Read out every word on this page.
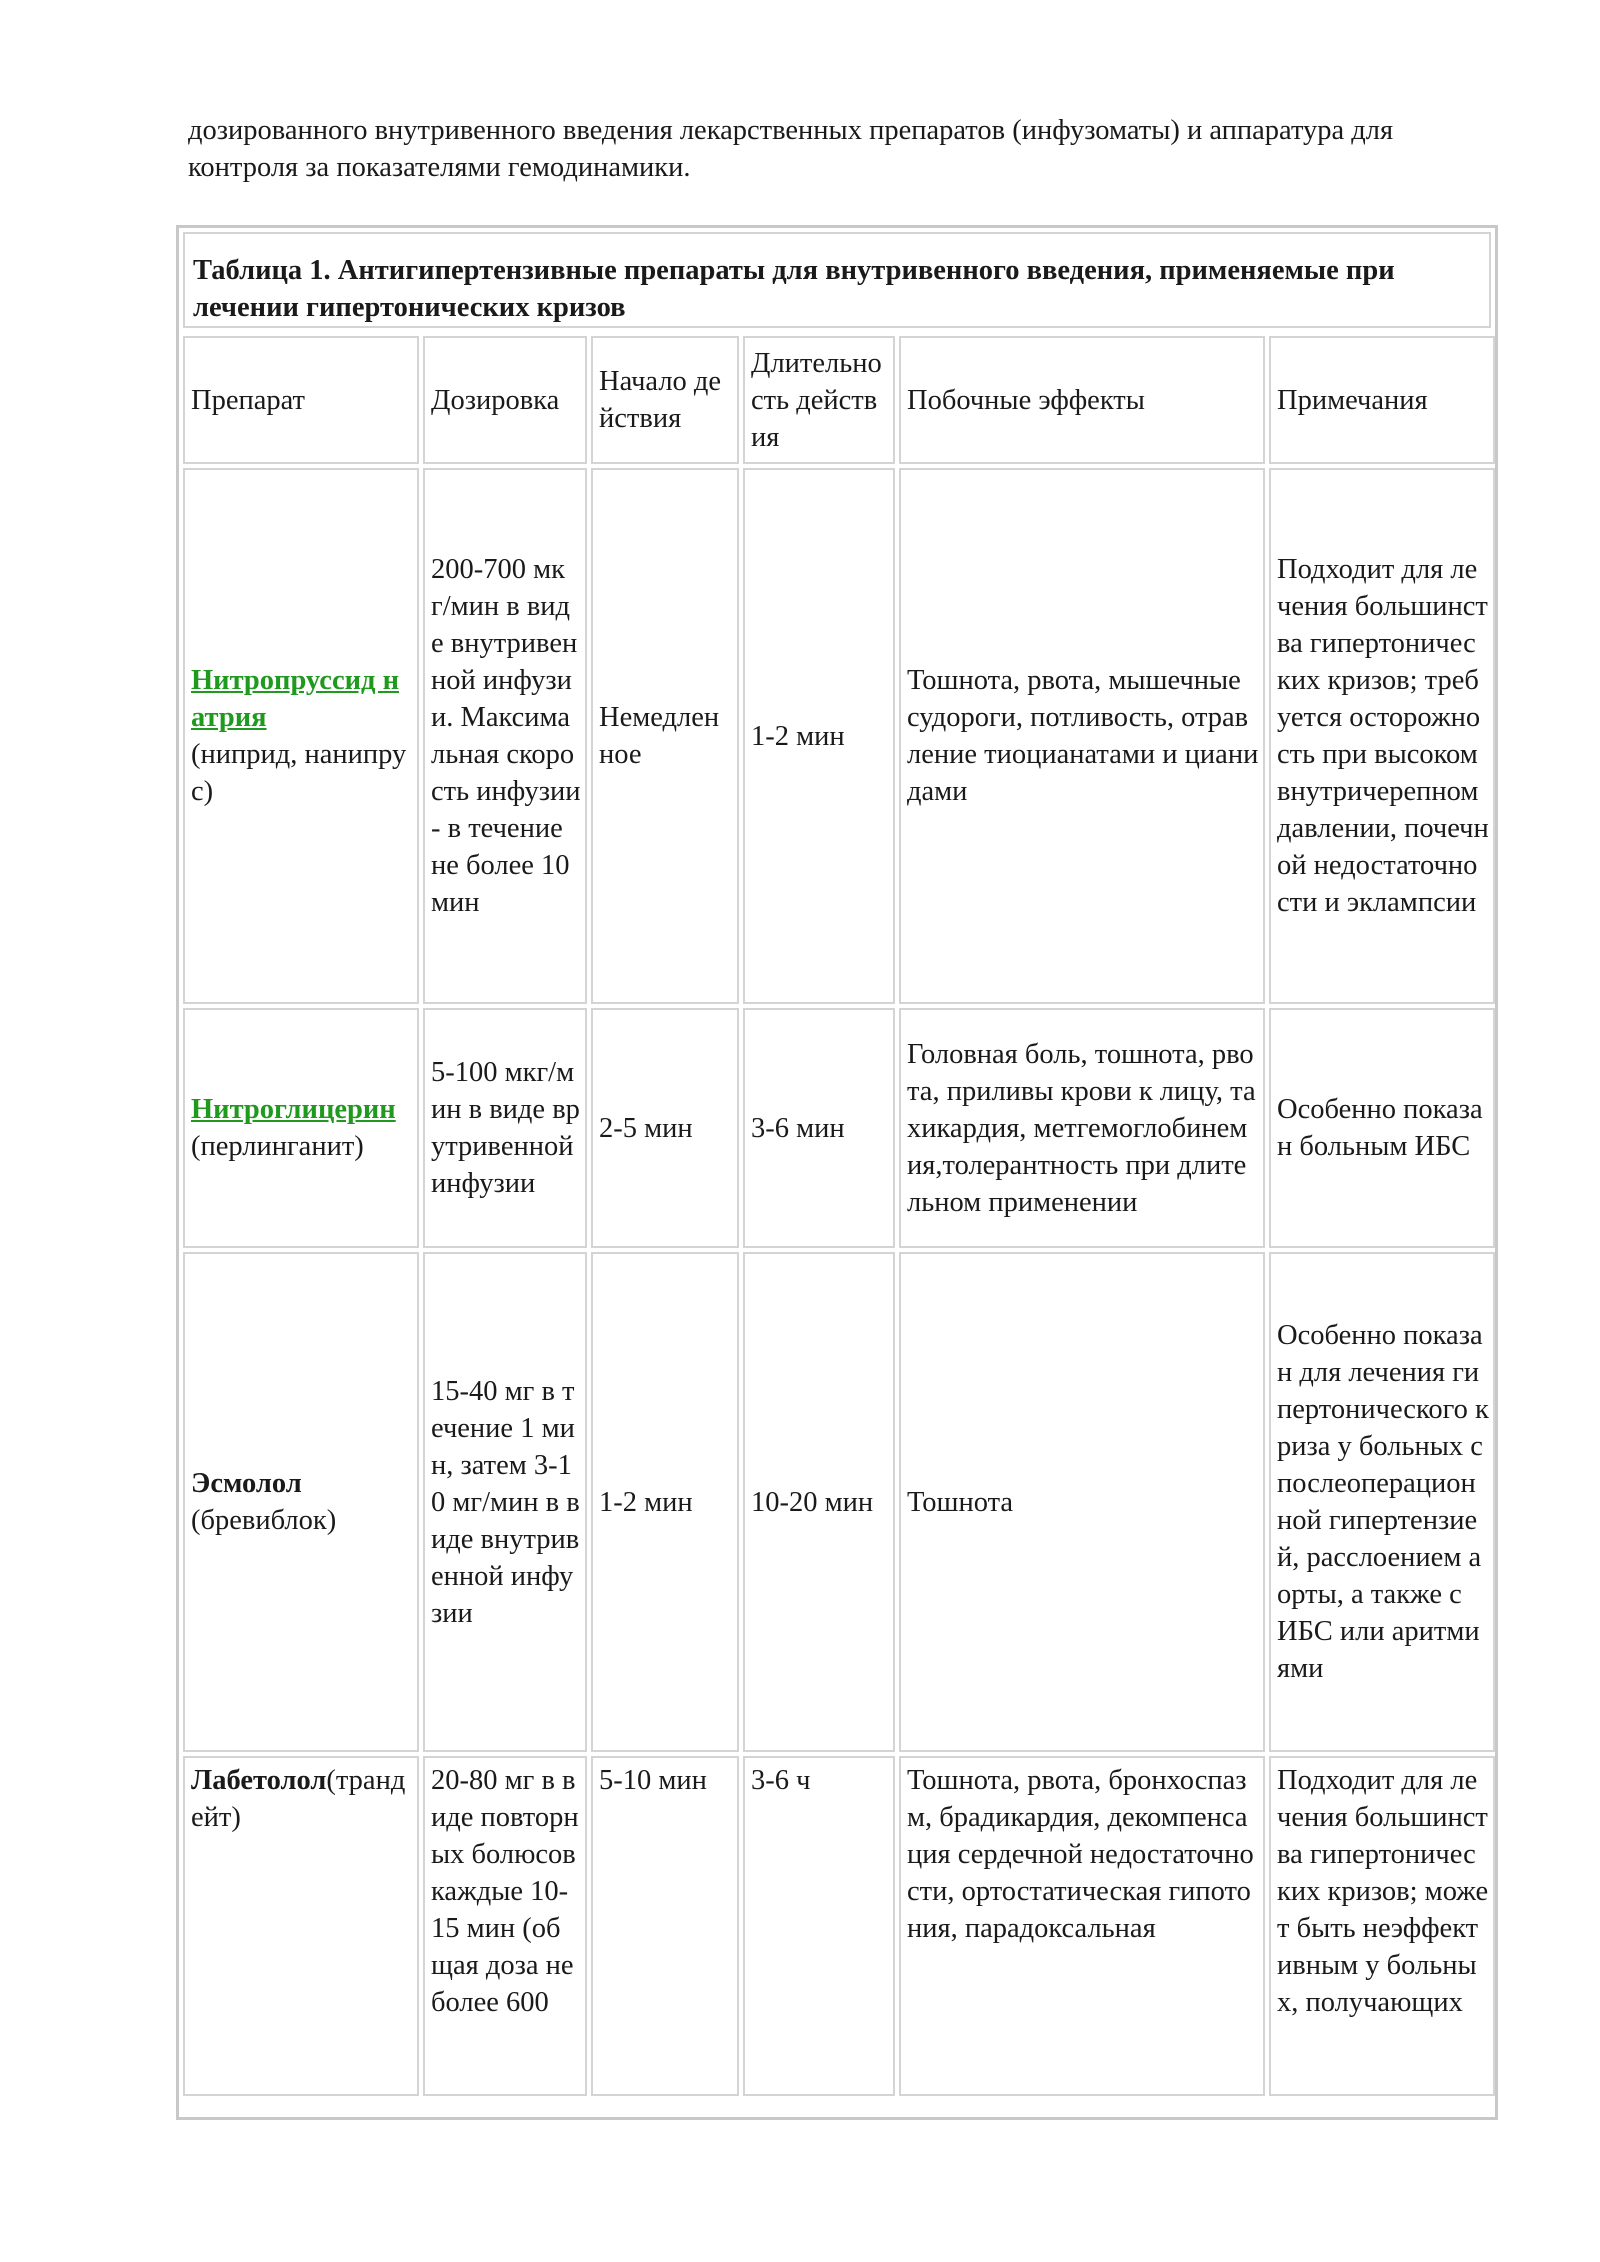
дозированного внутривенного введения лекарственных препаратов (инфузоматы) и аппаратура для контроля за показателями гемодинамики.
Таблица 1. Антигипертензивные препараты для внутривенного введения, применяемые при лечении гипертонических кризов
Препарат	Дозировка	Начало действия	Длительность действия	Побочные эффекты	Примечания
Нитропруссид натрия
(ниприд, нанипрус)	200-700 мкг/мин в виде внутривенной инфузии. Максимальная скорость инфузии - в течение не более 10 мин	Немедленное	1-2 мин	Тошнота, рвота, мышечные судороги, потливость, отравление тиоцианатами и цианидами	Подходит для лечения большинства гипертонических кризов; требуется осторожность при высоком внутричерепном давлении, почечной недостаточности и эклампсии
Нитроглицерин (перлинганит)	5-100 мкг/мин в виде врутривенной инфузии	2-5 мин	3-6 мин	Головная боль, тошнота, рвота, приливы крови к лицу, тахикардия, метгемоглобинемия,толерантность при длительном применении	Особенно показан больным ИБС
Эсмолол
(бревиблок)	15-40 мг в течение 1 мин, затем 3-10 мг/мин в виде внутривенной инфузии	1-2 мин	10-20 мин	Тошнота	Особенно показан для лечения гипертонического криза у больных с послеоперационной гипертензией, расслоением аорты, а также с ИБС или аритмиями
Лабетолол(трандейт)	20-80 мг в виде повторных болюсов каждые 10-15 мин (общая доза не более 600	5-10 мин	3-6 ч	Тошнота, рвота, бронхоспазм, брадикардия, декомпенсация сердечной недостаточности, ортостатическая гипотония, парадоксальная	Подходит для лечения большинства гипертонических кризов; может быть неэффективным у больных, получающих
